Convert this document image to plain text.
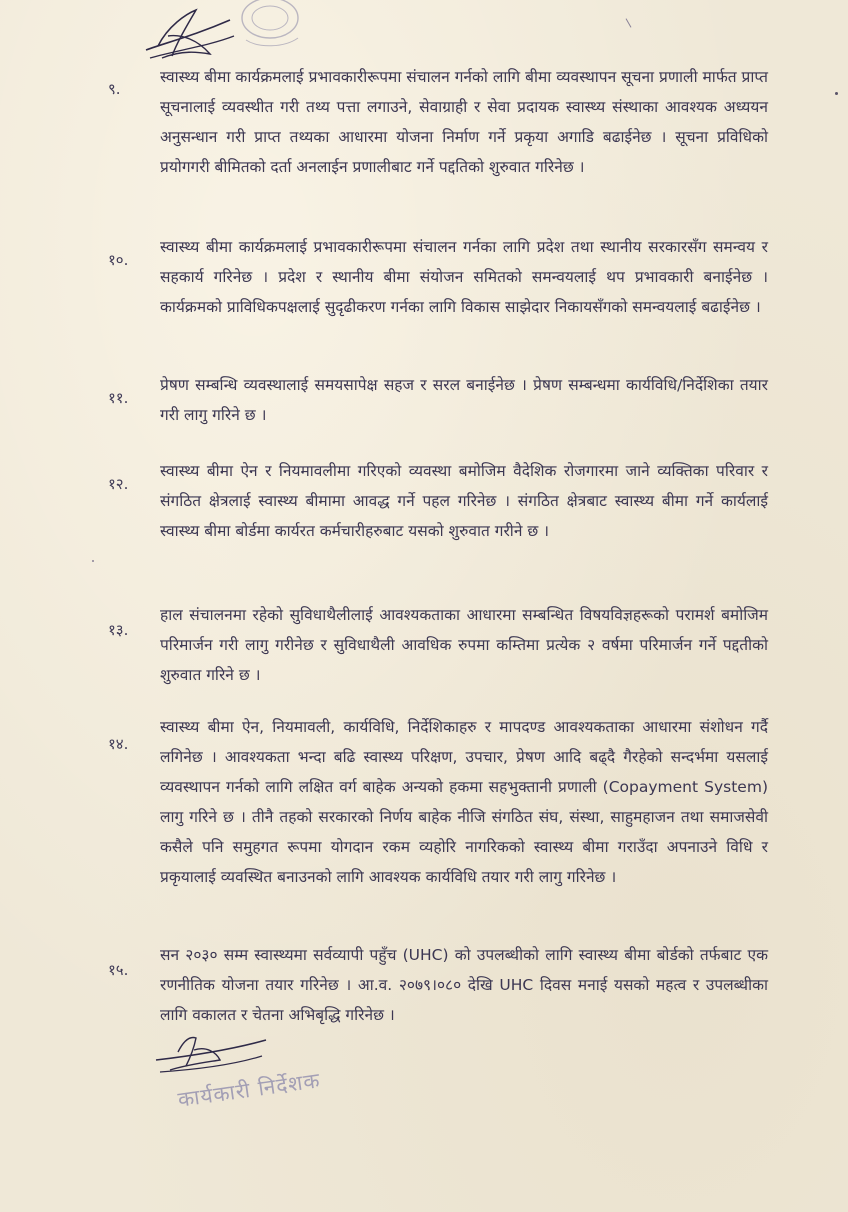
९.
स्वास्थ्य बीमा कार्यक्रमलाई प्रभावकारीरूपमा संचालन गर्नको लागि बीमा व्यवस्थापन सूचना प्रणाली मार्फत प्राप्त सूचनालाई व्यवस्थीत गरी तथ्य पत्ता लगाउने, सेवाग्राही र सेवा प्रदायक स्वास्थ्य संस्थाका आवश्यक अध्ययन अनुसन्धान गरी प्राप्त तथ्यका आधारमा योजना निर्माण गर्ने प्रकृया अगाडि बढाईनेछ । सूचना प्रविधिको प्रयोगगरी बीमितको दर्ता अनलाईन प्रणालीबाट गर्ने पद्दतिको शुरुवात गरिनेछ ।
१०.
स्वास्थ्य बीमा कार्यक्रमलाई प्रभावकारीरूपमा संचालन गर्नका लागि प्रदेश तथा स्थानीय सरकारसँग समन्वय र सहकार्य गरिनेछ । प्रदेश र स्थानीय बीमा संयोजन समितको समन्वयलाई थप प्रभावकारी बनाईनेछ । कार्यक्रमको प्राविधिकपक्षलाई सुदृढीकरण गर्नका लागि विकास साझेदार निकायसँगको समन्वयलाई बढाईनेछ ।
११.
प्रेषण सम्बन्धि व्यवस्थालाई समयसापेक्ष सहज र सरल बनाईनेछ । प्रेषण सम्बन्धमा कार्यविधि/निर्देशिका तयार गरी लागु गरिने छ ।
१२.
स्वास्थ्य बीमा ऐन र नियमावलीमा गरिएको व्यवस्था बमोजिम वैदेशिक रोजगारमा जाने व्यक्तिका परिवार र संगठित क्षेत्रलाई स्वास्थ्य बीमामा आवद्ध गर्ने पहल गरिनेछ । संगठित क्षेत्रबाट स्वास्थ्य बीमा गर्ने कार्यलाई स्वास्थ्य बीमा बोर्डमा कार्यरत कर्मचारीहरुबाट यसको शुरुवात गरीने छ ।
१३.
हाल संचालनमा रहेको सुविधाथैलीलाई आवश्यकताका आधारमा सम्बन्धित विषयविज्ञहरूको परामर्श बमोजिम परिमार्जन गरी लागु गरीनेछ र सुविधाथैली आवधिक रुपमा कम्तिमा प्रत्येक २ वर्षमा परिमार्जन गर्ने पद्दतीको शुरुवात गरिने छ ।
१४.
स्वास्थ्य बीमा ऐन, नियमावली, कार्यविधि, निर्देशिकाहरु र मापदण्ड आवश्यकताका आधारमा संशोधन गर्दै लगिनेछ । आवश्यकता भन्दा बढि स्वास्थ्य परिक्षण, उपचार, प्रेषण आदि बढ्दै गैरहेको सन्दर्भमा यसलाई व्यवस्थापन गर्नको लागि लक्षित वर्ग बाहेक अन्यको हकमा सहभुक्तानी प्रणाली (Copayment System) लागु गरिने छ । तीनै तहको सरकारको निर्णय बाहेक नीजि संगठित संघ, संस्था, साहुमहाजन तथा समाजसेवी कसैले पनि समुहगत रूपमा योगदान रकम व्यहोरि नागरिकको स्वास्थ्य बीमा गराउँदा अपनाउने विधि र प्रकृयालाई व्यवस्थित बनाउनको लागि आवश्यक कार्यविधि तयार गरी लागु गरिनेछ ।
१५.
सन २०३० सम्म स्वास्थ्यमा सर्वव्यापी पहुँच (UHC) को उपलब्धीको लागि स्वास्थ्य बीमा बोर्डको तर्फबाट एक रणनीतिक योजना तयार गरिनेछ । आ.व. २०७९।०८० देखि UHC दिवस मनाई यसको महत्व र उपलब्धीका लागि वकालत र चेतना अभिबृद्धि गरिनेछ ।
कार्यकारी निर्देशक
